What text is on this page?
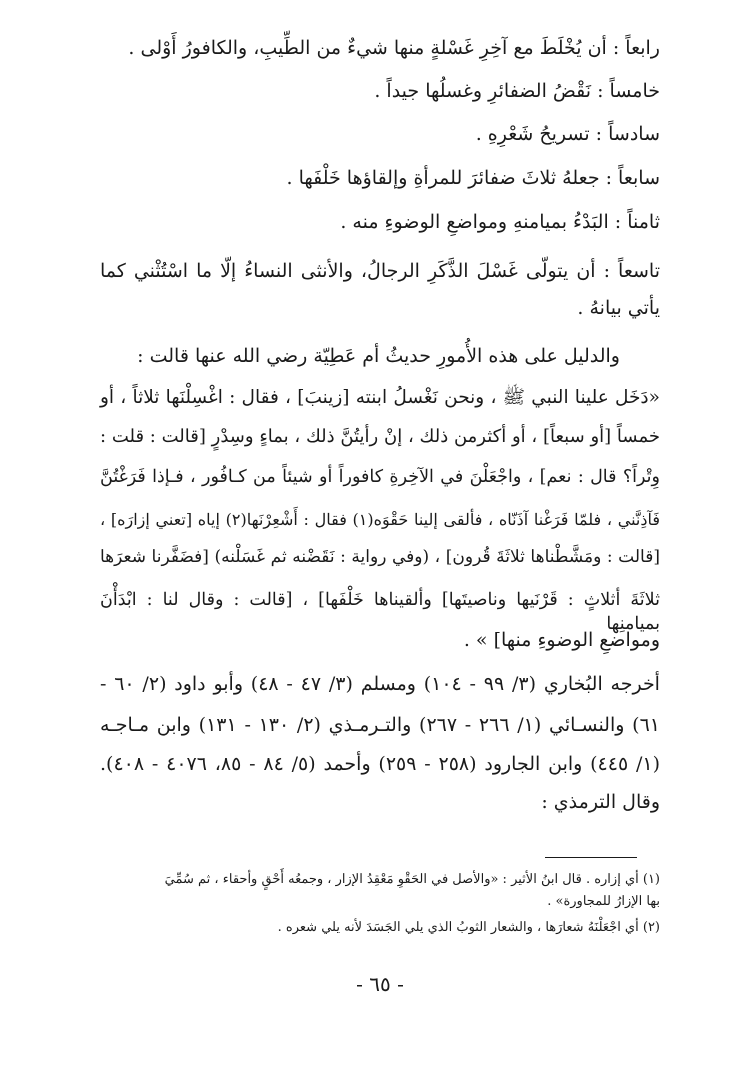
رابعاً : أن يُخْلَطَ مع آخِرِ غَسْلةٍ منها شيءٌ من الطِّيبِ، والكافورُ أَوْلى .
خامساً : نَقْضُ الضفائرِ وغسلُها جيداً .
سادساً : تسريحُ شَعْرِهِ .
سابعاً : جعلهُ ثلاثَ ضفائرَ للمرأةِ وإلقاؤها خَلْفَها .
ثامناً : البَدْءُ بميامنهِ ومواضعِ الوضوءِ منه .
تاسعاً : أن يتولّى غَسْلَ الذَّكَرِ الرجالُ، والأنثى النساءُ إلّا ما اسْتُثْني كما
يأتي بيانهُ .
والدليل على هذه الأُمورِ حديثُ أم عَطِيّة رضي الله عنها قالت :
«دَخَل علينا النبي ﷺ ، ونحن نَغْسلُ ابنته [زينبَ] ، فقال : اغْسِلْنَها ثلاثاً ، أو
خمساً [أو سبعاً] ، أو أكثرمن ذلك ، إنْ رأيتُنَّ ذلك ، بماءٍ وسِدْرٍ [قالت : قلت :
وِتْراً؟ قال : نعم] ، واجْعَلْنَ في الآخِرةِ كافوراً أو شيئاً من كـافُور ، فـإذا فَرَغْتُنَّ
فَآذِنَّني ، فلمّا فَرَغْنا آذَنّاه ، فألقى إلينا حَقْوَه(١) فقال : أَشْعِرْنَها(٢) إياه [تعني إزارَه] ،
[قالت : ومَشَّطْناها ثلاثَةَ قُرون] ، (وفي رواية : نَقَضْنه ثم غَسَلْنه) [فضَفَّرنا شعرَها
ثلاثَةَ أثلاثٍ : قَرْنَيها وناصيتَها] وألقيناها خَلْفَها] ، [قالت : وقال لنا : ابْدَأْنَ بميامنِها
ومواضعِ الوضوءِ منها] » .
أخرجه البُخاري (٣/ ٩٩ - ١٠٤) ومسلم (٣/ ٤٧ - ٤٨) وأبو داود (٢/ ٦٠ -
٦١) والنسـائي (١/ ٢٦٦ - ٢٦٧) والتـرمـذي (٢/ ١٣٠ - ١٣١) وابن مـاجـه
(١/ ٤٤٥) وابن الجارود (٢٥٨ - ٢٥٩) وأحمد (٥/ ٨٤ - ٨٥، ٤٠٧٦ - ٤٠٨).
وقال الترمذي :
(١) أي إزاره . قال ابنُ الأثير : «والأصل في الحَقْوِ مَعْقِدُ الإزار ، وجمعُه أَحْقٍ وأحقاء ، ثم سُمِّيَ
بها الإزارُ للمجاورة» .
(٢) أي اجْعَلْنَهُ شعارَها ، والشعار الثوبُ الذي يلي الجَسَدَ لأنه يلي شعره .
- ٦٥ -
